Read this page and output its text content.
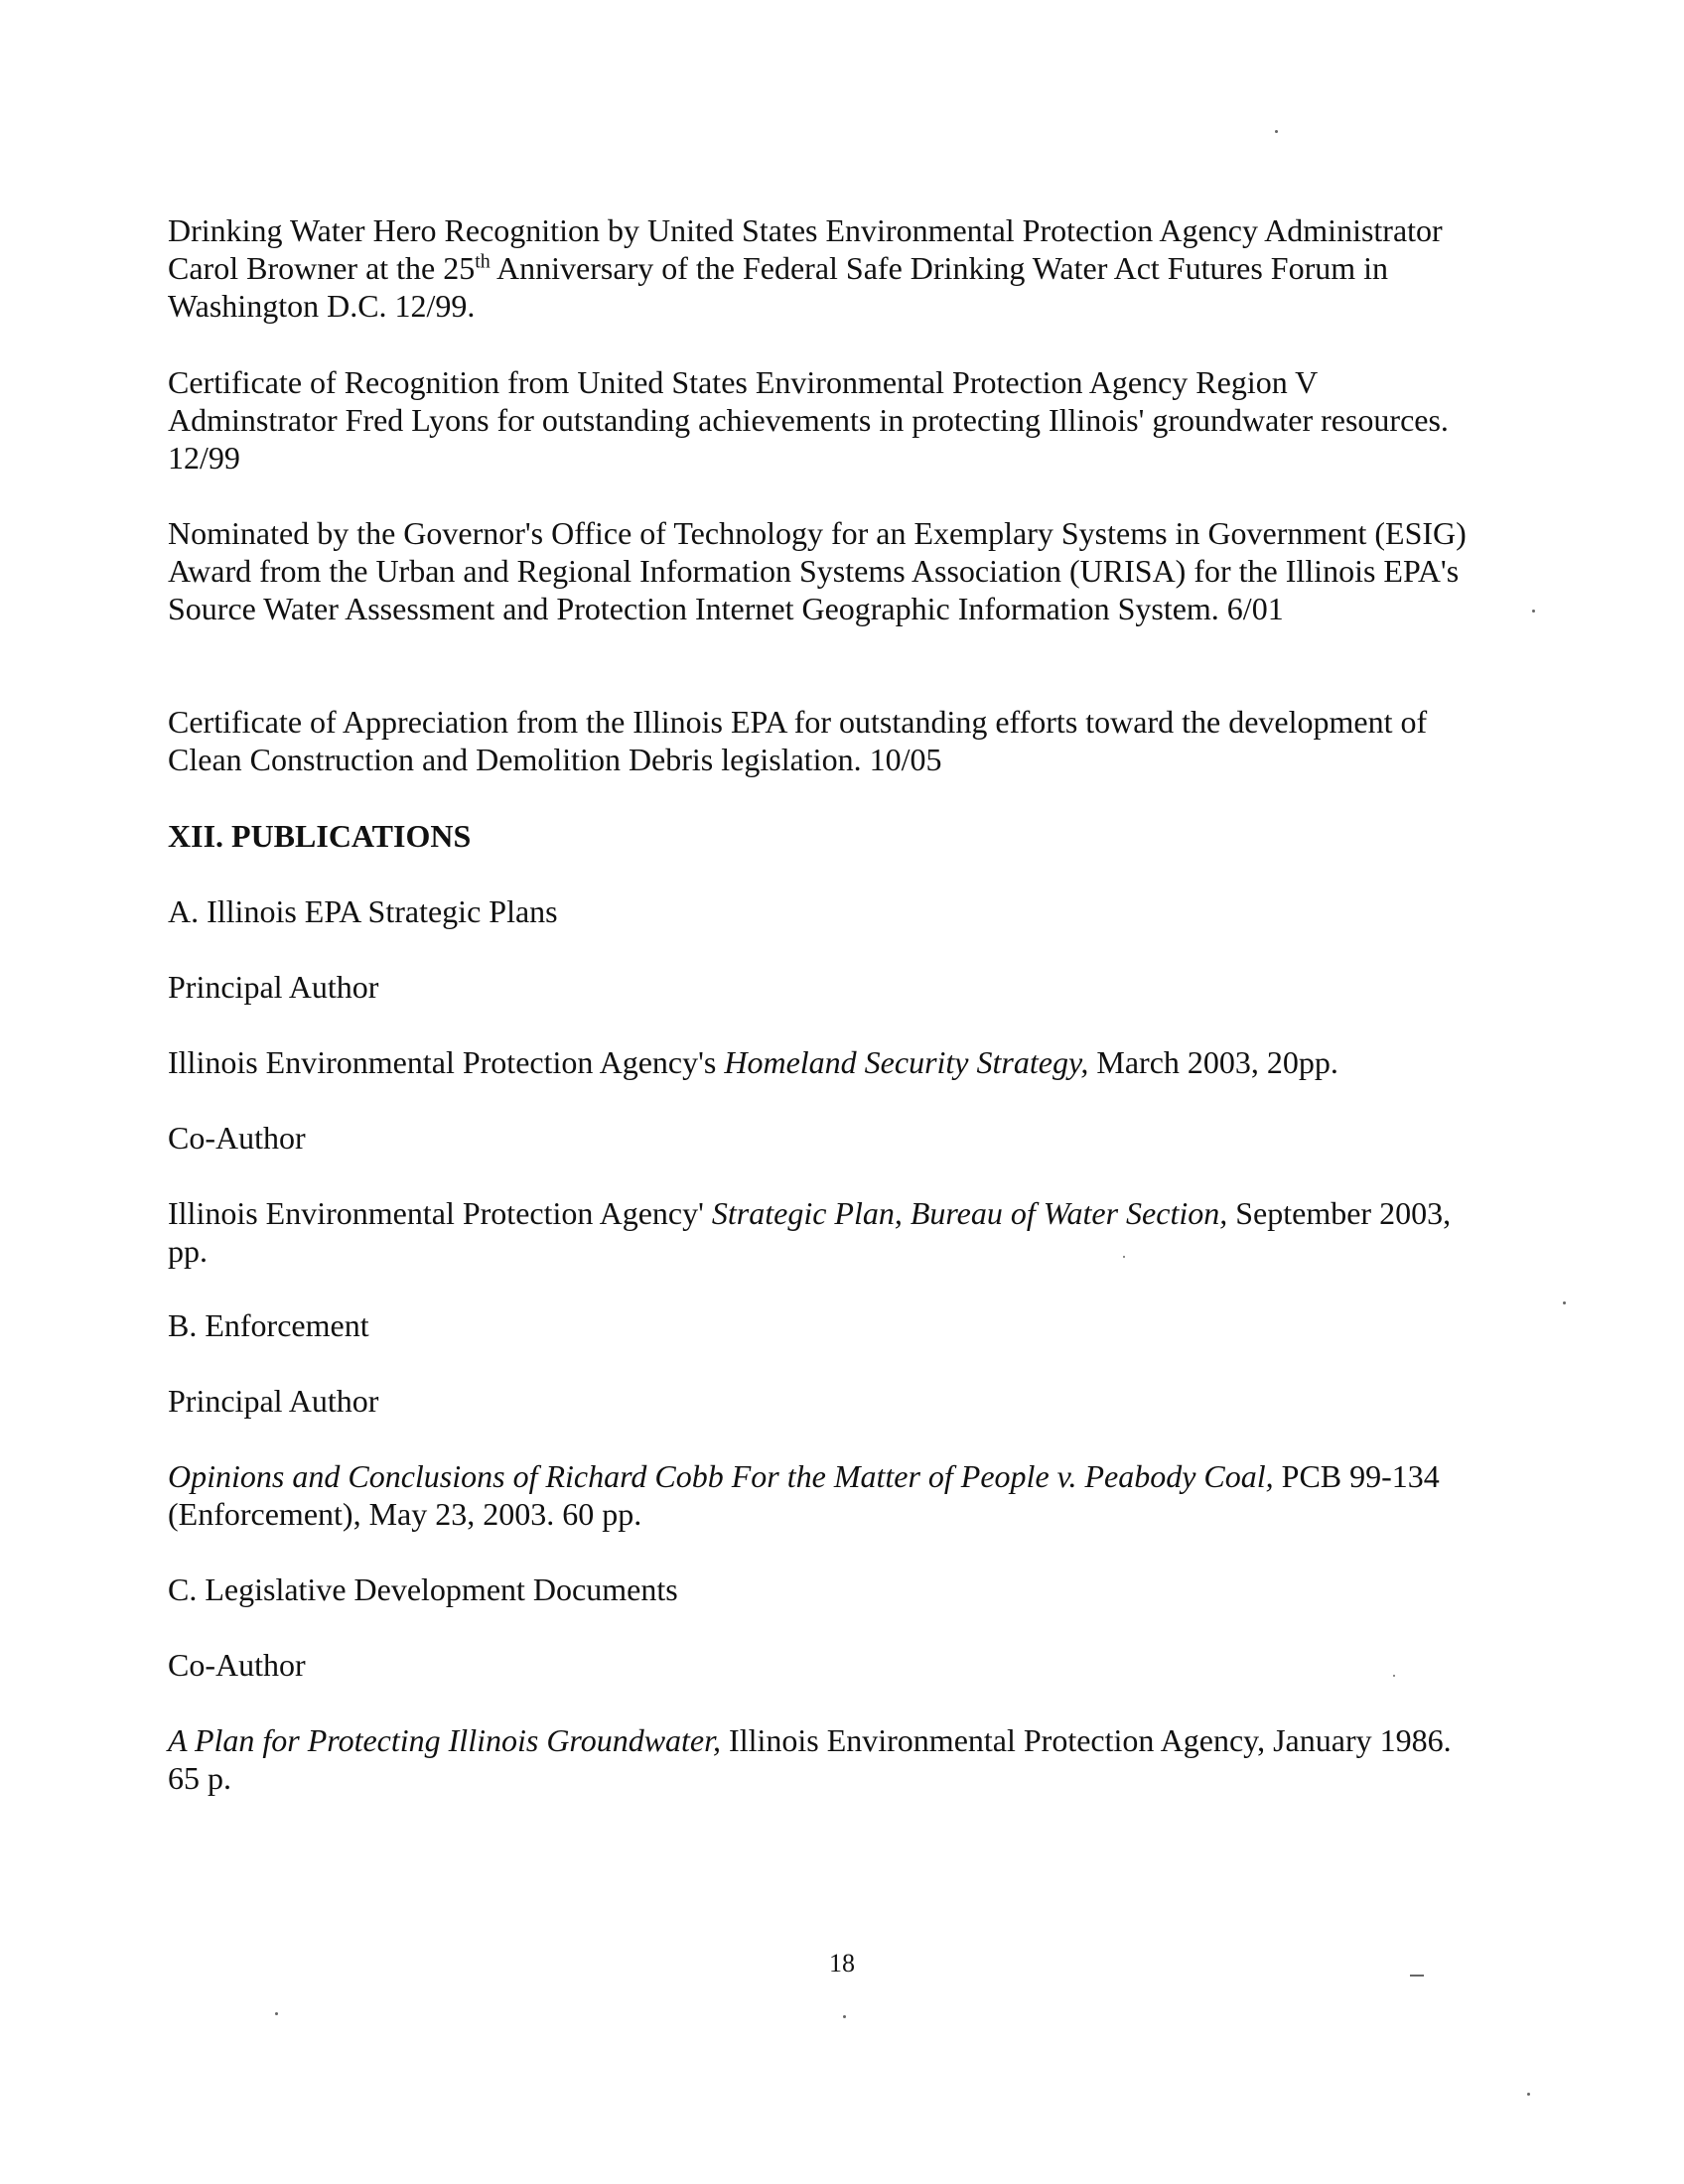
Drinking Water Hero Recognition by United States Environmental Protection Agency Administrator Carol Browner at the 25th Anniversary of the Federal Safe Drinking Water Act Futures Forum in Washington D.C. 12/99.

Certificate of Recognition from United States Environmental Protection Agency Region V Adminstrator Fred Lyons for outstanding achievements in protecting Illinois' groundwater resources. 12/99

Nominated by the Governor's Office of Technology for an Exemplary Systems in Government (ESIG) Award from the Urban and Regional Information Systems Association (URISA) for the Illinois EPA's Source Water Assessment and Protection Internet Geographic Information System. 6/01

Certificate of Appreciation from the Illinois EPA for outstanding efforts toward the development of Clean Construction and Demolition Debris legislation. 10/05

XII. PUBLICATIONS

A. Illinois EPA Strategic Plans

Principal Author

Illinois Environmental Protection Agency's Homeland Security Strategy, March 2003, 20pp.

Co-Author

Illinois Environmental Protection Agency' Strategic Plan, Bureau of Water Section, September 2003, pp.

B. Enforcement

Principal Author

Opinions and Conclusions of Richard Cobb For the Matter of People v. Peabody Coal, PCB 99-134 (Enforcement), May 23, 2003. 60 pp.

C. Legislative Development Documents

Co-Author

A Plan for Protecting Illinois Groundwater, Illinois Environmental Protection Agency, January 1986. 65 p.

18
